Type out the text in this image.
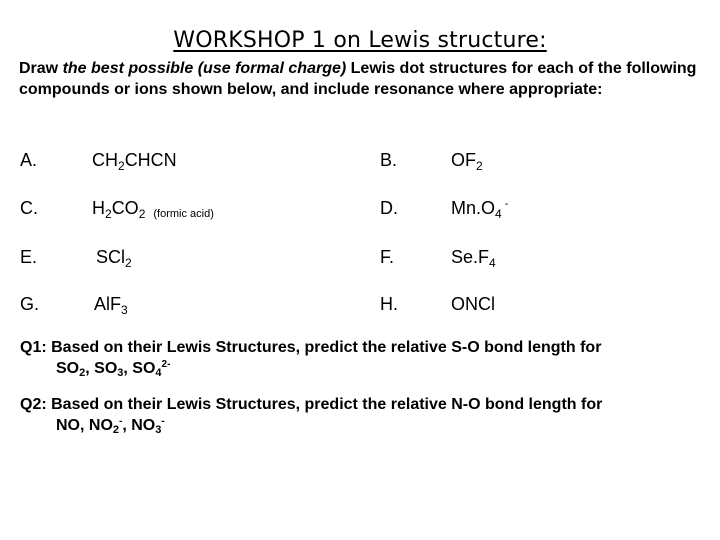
WORKSHOP 1 on Lewis structure:
Draw the best possible (use formal charge) Lewis dot structures for each of the following compounds or ions shown below, and include resonance where appropriate:
A.	$CH_2CHCN$	B.	$OF_2$
C.	$H_2CO_2$ (formic acid)	D.	$Mn.O_4^-$
E.	SCl$_2$	F.	$Se.F_4$
G.	AlF$_3$	H.	ONCl
Q1: Based on their Lewis Structures, predict the relative S-O bond length for
SO2, SO3, $SO4^{2-}$
Q2: Based on their Lewis Structures, predict the relative N-O bond length for
NO, NO2-, NO3-
